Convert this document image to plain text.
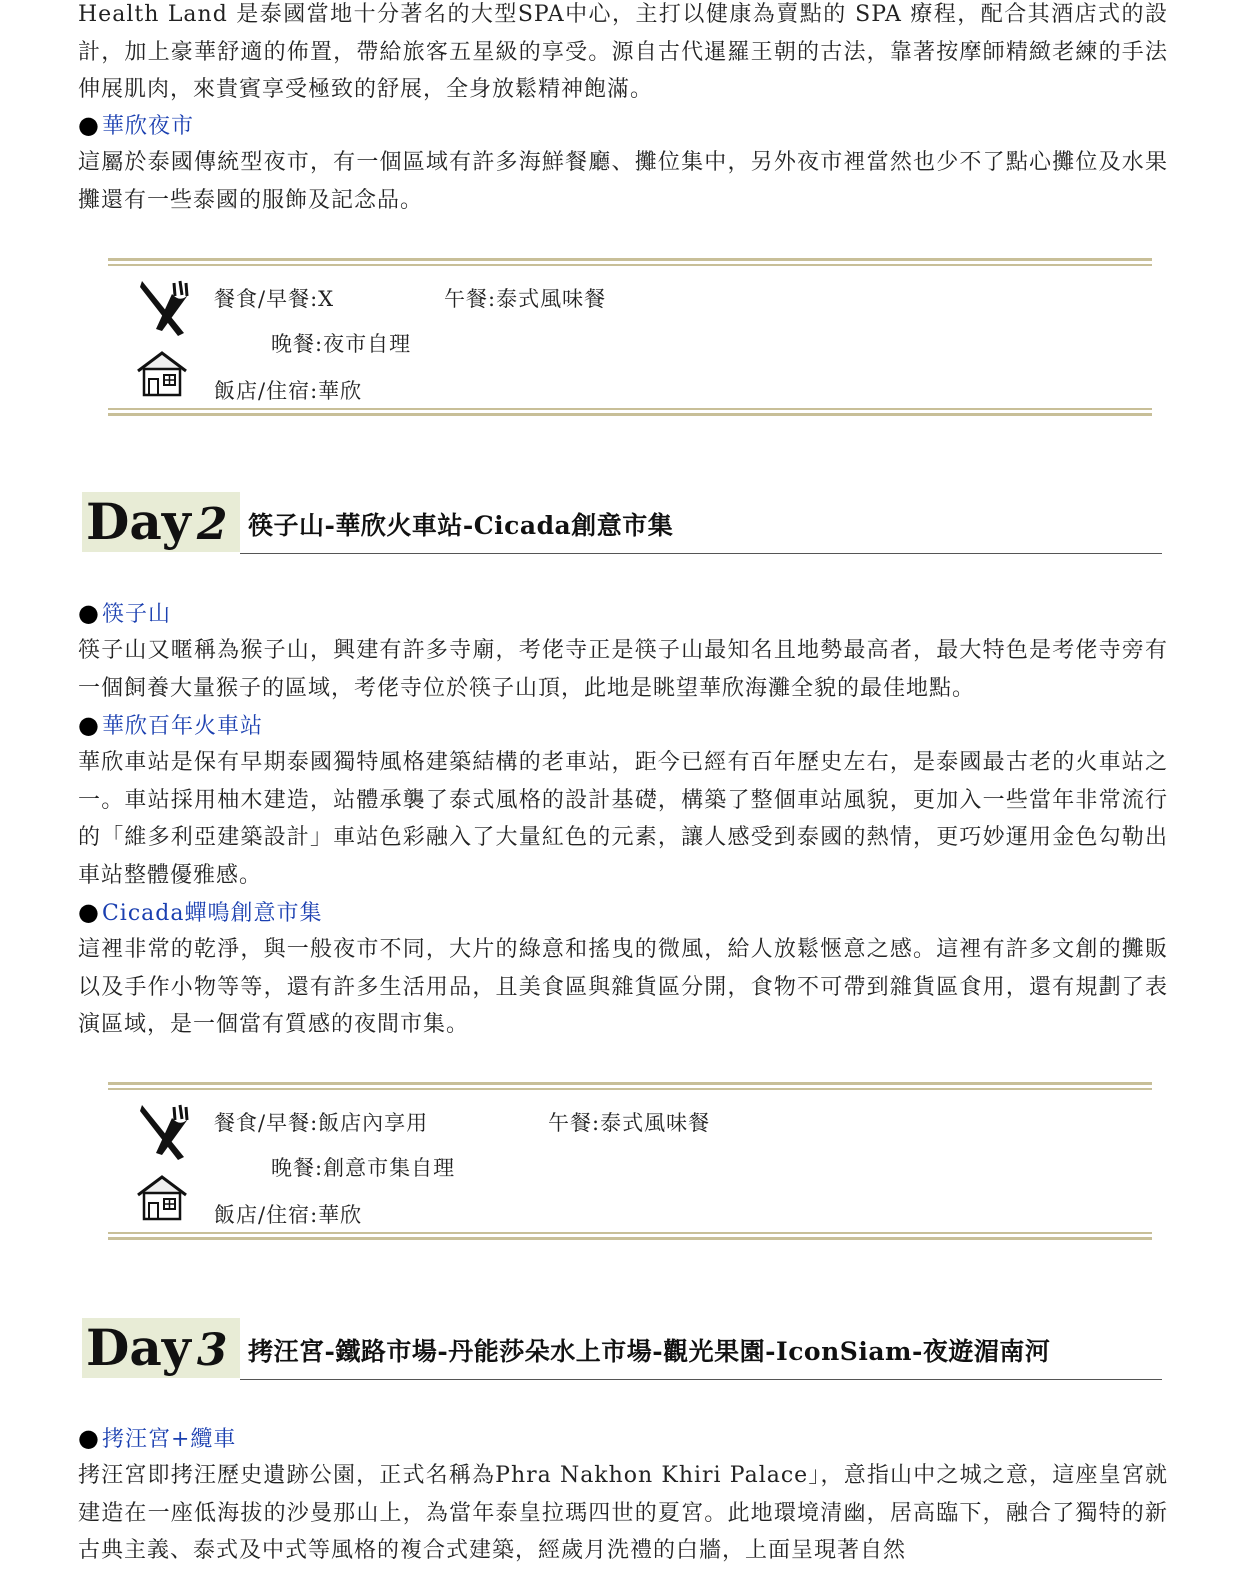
Health Land 是泰國當地十分著名的大型SPA中心，主打以健康為賣點的 SPA 療程，配合其酒店式的設計，加上豪華舒適的佈置，帶給旅客五星級的享受。源自古代暹羅王朝的古法，靠著按摩師精緻老練的手法伸展肌肉，來貴賓享受極致的舒展，全身放鬆精神飽滿。

●華欣夜市

這屬於泰國傳統型夜市，有一個區域有許多海鮮餐廳、攤位集中，另外夜市裡當然也少不了點心攤位及水果攤還有一些泰國的服飾及記念品。

餐食/早餐:X	午餐:泰式風味餐
晚餐:夜市自理
飯店/住宿:華欣
Day 2 筷子山-華欣火車站-Cicada創意市集

●筷子山

筷子山又暱稱為猴子山，興建有許多寺廟，考佬寺正是筷子山最知名且地勢最高者，最大特色是考佬寺旁有一個飼養大量猴子的區域，考佬寺位於筷子山頂，此地是眺望華欣海灘全貌的最佳地點。

●華欣百年火車站

華欣車站是保有早期泰國獨特風格建築結構的老車站，距今已經有百年歷史左右，是泰國最古老的火車站之一。車站採用柚木建造，站體承襲了泰式風格的設計基礎，構築了整個車站風貌，更加入一些當年非常流行的「維多利亞建築設計」車站色彩融入了大量紅色的元素，讓人感受到泰國的熱情，更巧妙運用金色勾勒出車站整體優雅感。

●Cicada蟬鳴創意市集

這裡非常的乾淨，與一般夜市不同，大片的綠意和搖曳的微風，給人放鬆愜意之感。這裡有許多文創的攤販以及手作小物等等，還有許多生活用品，且美食區與雜貨區分開，食物不可帶到雜貨區食用，還有規劃了表演區域，是一個當有質感的夜間市集。

餐食/早餐:飯店內享用	午餐:泰式風味餐
晚餐:創意市集自理
飯店/住宿:華欣
Day 3 拷汪宮-鐵路市場-丹能莎朵水上市場-觀光果園-IconSiam-夜遊湄南河

●拷汪宮+纜車

拷汪宮即拷汪歷史遺跡公園，正式名稱為Phra Nakhon Khiri Palace」，意指山中之城之意，這座皇宮就建造在一座低海拔的沙曼那山上，為當年泰皇拉瑪四世的夏宮。此地環境清幽，居高臨下，融合了獨特的新古典主義、泰式及中式等風格的複合式建築，經歲月洗禮的白牆，上面呈現著自然
